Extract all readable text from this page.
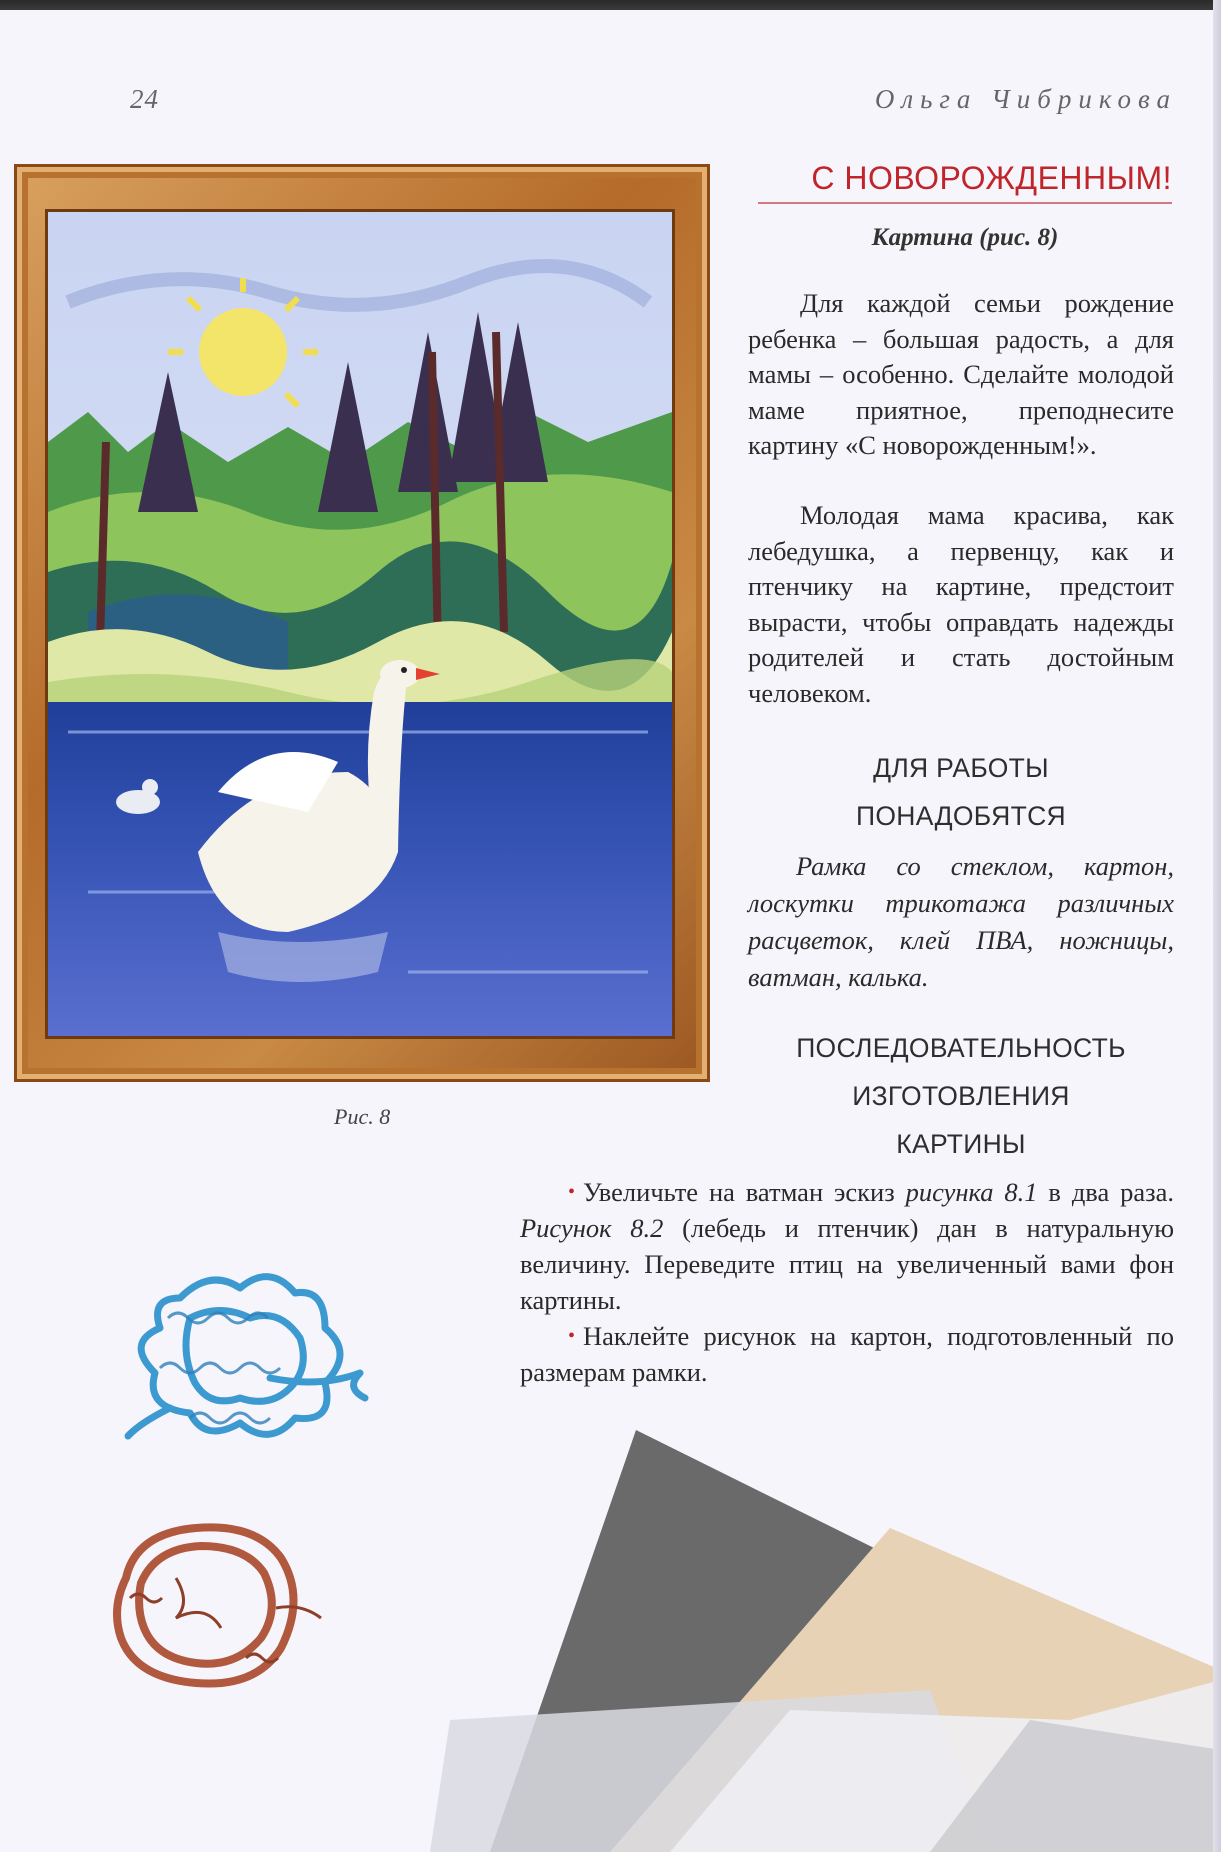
24	Ольга Чибрикова
Рис. 8
С НОВОРОЖДЕННЫМ!
Картина (рис. 8)

Для каждой семьи рождение ребенка – большая радость, а для мамы – особенно. Сделайте молодой маме приятное, преподнесите картину «С новорожденным!».

Молодая мама красива, как лебедушка, а первенцу, как и птенчику на картине, предстоит вырасти, чтобы оправдать надежды родителей и стать достойным человеком.

ДЛЯ РАБОТЫ
ПОНАДОБЯТСЯ

Рамка со стеклом, картон, лоскутки трикотажа различных расцветок, клей ПВА, ножницы, ватман, калька.

ПОСЛЕДОВАТЕЛЬНОСТЬ
ИЗГОТОВЛЕНИЯ
КАРТИНЫ

• Увеличьте на ватман эскиз рисунка 8.1 в два раза. Рисунок 8.2 (лебедь и птенчик) дан в натуральную величину. Переведите птиц на увеличенный вами фон картины.

• Наклейте рисунок на картон, подготовленный по размерам рамки.
